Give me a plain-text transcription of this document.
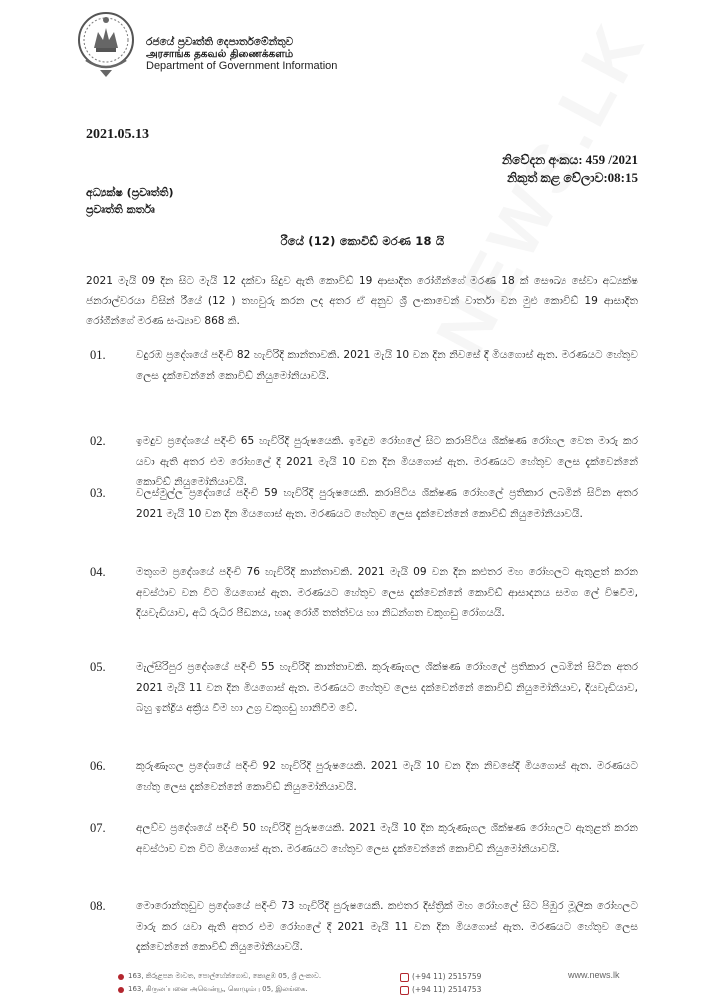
රජයේ ප්‍රවෘත්ති දෙපාර්තමේන්තුව
அரசாங்க தகவல் திணைக்களம்
Department of Government Information
2021.05.13
නිවේදන අංකය: 459 /2021
නිකුත් කළ වේලාව:08:15
අධ්‍යක්ෂ (ප්‍රවෘත්ති)
ප්‍රවෘත්ති කර්තෘ
රීයේ (12) කොවිඩ් මරණ 18 යි
2021 මැයි 09 දින සිට මැයි 12 දක්වා සිදුව ඇති කොවිඩ් 19 ආසාදිත රෝගීන්ගේ මරණ 18 ක් සෞඛ්‍ය සේවා අධ්‍යක්ෂ ජනරාල්වරයා විසින් රීයේ (12 ) තහවුරු කරන ලද අතර ඒ අනුව ශ්‍රී ලංකාවෙන් වාර්තා වන මුළු කොවිඩ් 19 ආසාදිත රෝගීන්ගේ මරණ සංඛ්‍යාව 868 කි.
01.	වදුරඹ ප්‍රදේශයේ පදිංචි 82 හැවිරිදි කාන්තාවකි. 2021 මැයි 10 වන දින නිවසේ දී මියගොස් ඇත. මරණයට හේතුව ලෙස දැක්වෙන්නේ කොවිඩ් නියුමෝනියාවයි.
02.	ඉමදුව ප්‍රදේශයේ පදිංචි 65 හැවිරිදි පුරුෂයෙකි. ඉමදුම රෝහලේ සිට කරාපිටිය ශික්ෂණ රෝහල වෙත මාරු කර යවා ඇති අතර එම රෝහලේ දී 2021 මැයි 10 වන දින මියගොස් ඇත. මරණයට හේතුව ලෙස දැක්වෙන්නේ කොවිඩ් නියුමෝනියාවයි.
03.	වලස්මුල්ල ප්‍රදේශයේ පදිංචි 59 හැවිරිදි පුරුෂයෙකි. කරාපිටිය ශික්ෂණ රෝහලේ ප්‍රතිකාර ලබමින් සිටින අතර 2021 මැයි 10 වන දින මියගොස් ඇත. මරණයට හේතුව ලෙස දැක්වෙන්නේ කොවිඩ් නියුමෝනියාවයි.
04.	මතුගම ප්‍රදේශයේ පදිංචි 76 හැවිරිදි කාන්තාවකි. 2021 මැයි 09 වන දින කළුතර මහ රෝහලට ඇතුළත් කරන අවස්ථාව වන විට මියගොස් ඇත. මරණයට හේතුව ලෙස දැක්වෙන්නේ කොවිඩ් ආසාදනය සමග ලේ විෂවීම, දියවැඩියාව, අධි රුධිර පීඩනය, හෘද රෝගී තත්ත්වය හා නිධන්ගත වකුගඩු රෝගයයි.
05.	මැල්සිරිපුර ප්‍රදේශයේ පදිංචි 55 හැවිරිදි කාන්තාවකි. කුරුණෑගල ශික්ෂණ රෝහලේ ප්‍රතිකාර ලබමින් සිටින අතර 2021 මැයි 11 වන දින මියගොස් ඇත. මරණයට හේතුව ලෙස දක්වෙන්නේ කොවිඩ් නියුමෝනියාව, දියවැඩියාව, බහු ඉන්ද්‍රිය අක්‍රිය වීම හා උග්‍ර වකුගඩු හානිවීම වේ.
06.	කුරුණෑගල ප්‍රදේශයේ පදිංචි 92 හැවිරිදි පුරුෂයෙකි. 2021 මැයි 10 වන දින නිවසේදී මියගොස් ඇත. මරණයට හේතු ලෙස දැක්වෙන්නේ කොවිඩ් නියුමෝනියාවයි.
07.	අලව්ව ප්‍රදේශයේ පදිංචි 50 හැවිරිදි පුරුෂයෙකි. 2021 මැයි 10 දින කුරුණෑගල ශික්ෂණ රෝහලට ඇතුළත් කරන අවස්ථාව වන විට මියගොස් ඇත. මරණයට හේතුව ලෙස දැක්වෙන්නේ කොවිඩ් නියුමෝනියාවයි.
08.	මොරොන්තුඩුව ප්‍රදේශයේ පදිංචි 73 හැවිරිදි පුරුෂයෙකි. කළුතර දිස්ත්‍රික් මහ රෝහලේ සිට පිඹුර මූලික රෝහලට මාරු කර යවා ඇති අතර එම රෝහලේ දී 2021 මැයි 11 වන දින මියගොස් ඇත. මරණයට හේතුව ලෙස දැක්වෙන්නේ කොවිඩ් නියුමෝනියාවයි.
163, කිරුළපන මාවත, පොල්හේන්ගොඩ, කොළඹ 05, ශ්‍රී ලංකාව.
163, கிருலப்பனை அவென்யூ, கொழும்பு 05, இலங்கை.
(+94 11) 2515759
(+94 11) 2514753
www.news.lk
